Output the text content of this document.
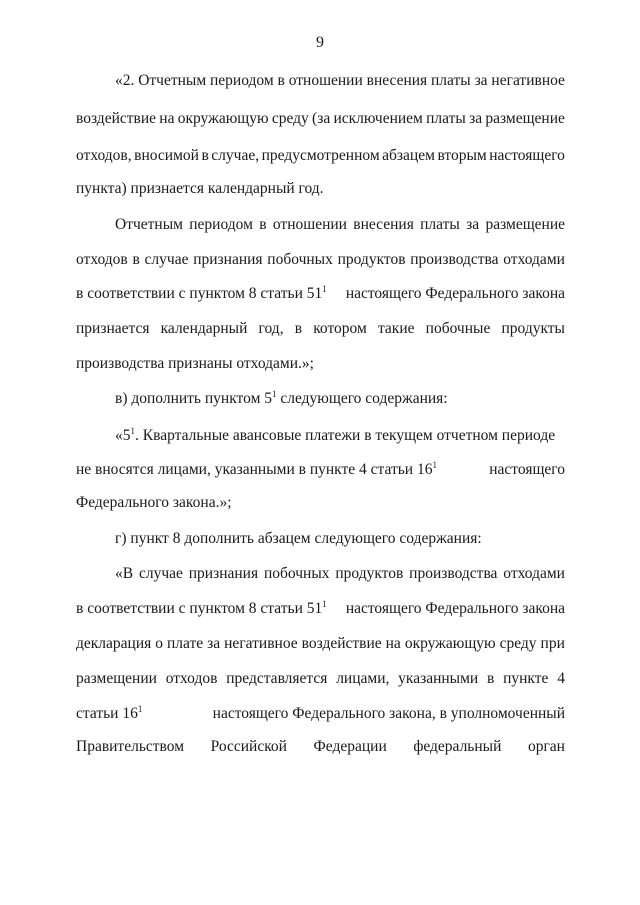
9
«2. Отчетным периодом в отношении внесения платы за негативное
воздействие на окружающую среду (за исключением платы за размещение
отходов, вносимой в случае, предусмотренном абзацем вторым настоящего
пункта) признается календарный год.
Отчетным периодом в отношении внесения платы за размещение
отходов в случае признания побочных продуктов производства отходами
в соответствии с пунктом 8 статьи $51^1$ настоящего Федерального закона
признается календарный год, в котором такие побочные продукты
производства признаны отходами.»;
в) дополнить пунктом $5^1$ следующего содержания:
«$5^1$. Квартальные авансовые платежи в текущем отчетном периоде
не вносятся лицами, указанными в пункте 4 статьи $16^1$	настоящего
Федерального закона.»;
г) пункт 8 дополнить абзацем следующего содержания:
«В случае признания побочных продуктов производства отходами
в соответствии с пунктом 8 статьи $51^1$ настоящего Федерального закона
декларация о плате за негативное воздействие на окружающую среду при
размещении отходов представляется лицами, указанными в пункте 4
статьи $16^1$	настоящего Федерального закона, в уполномоченный
Правительством Российской Федерации федеральный орган
